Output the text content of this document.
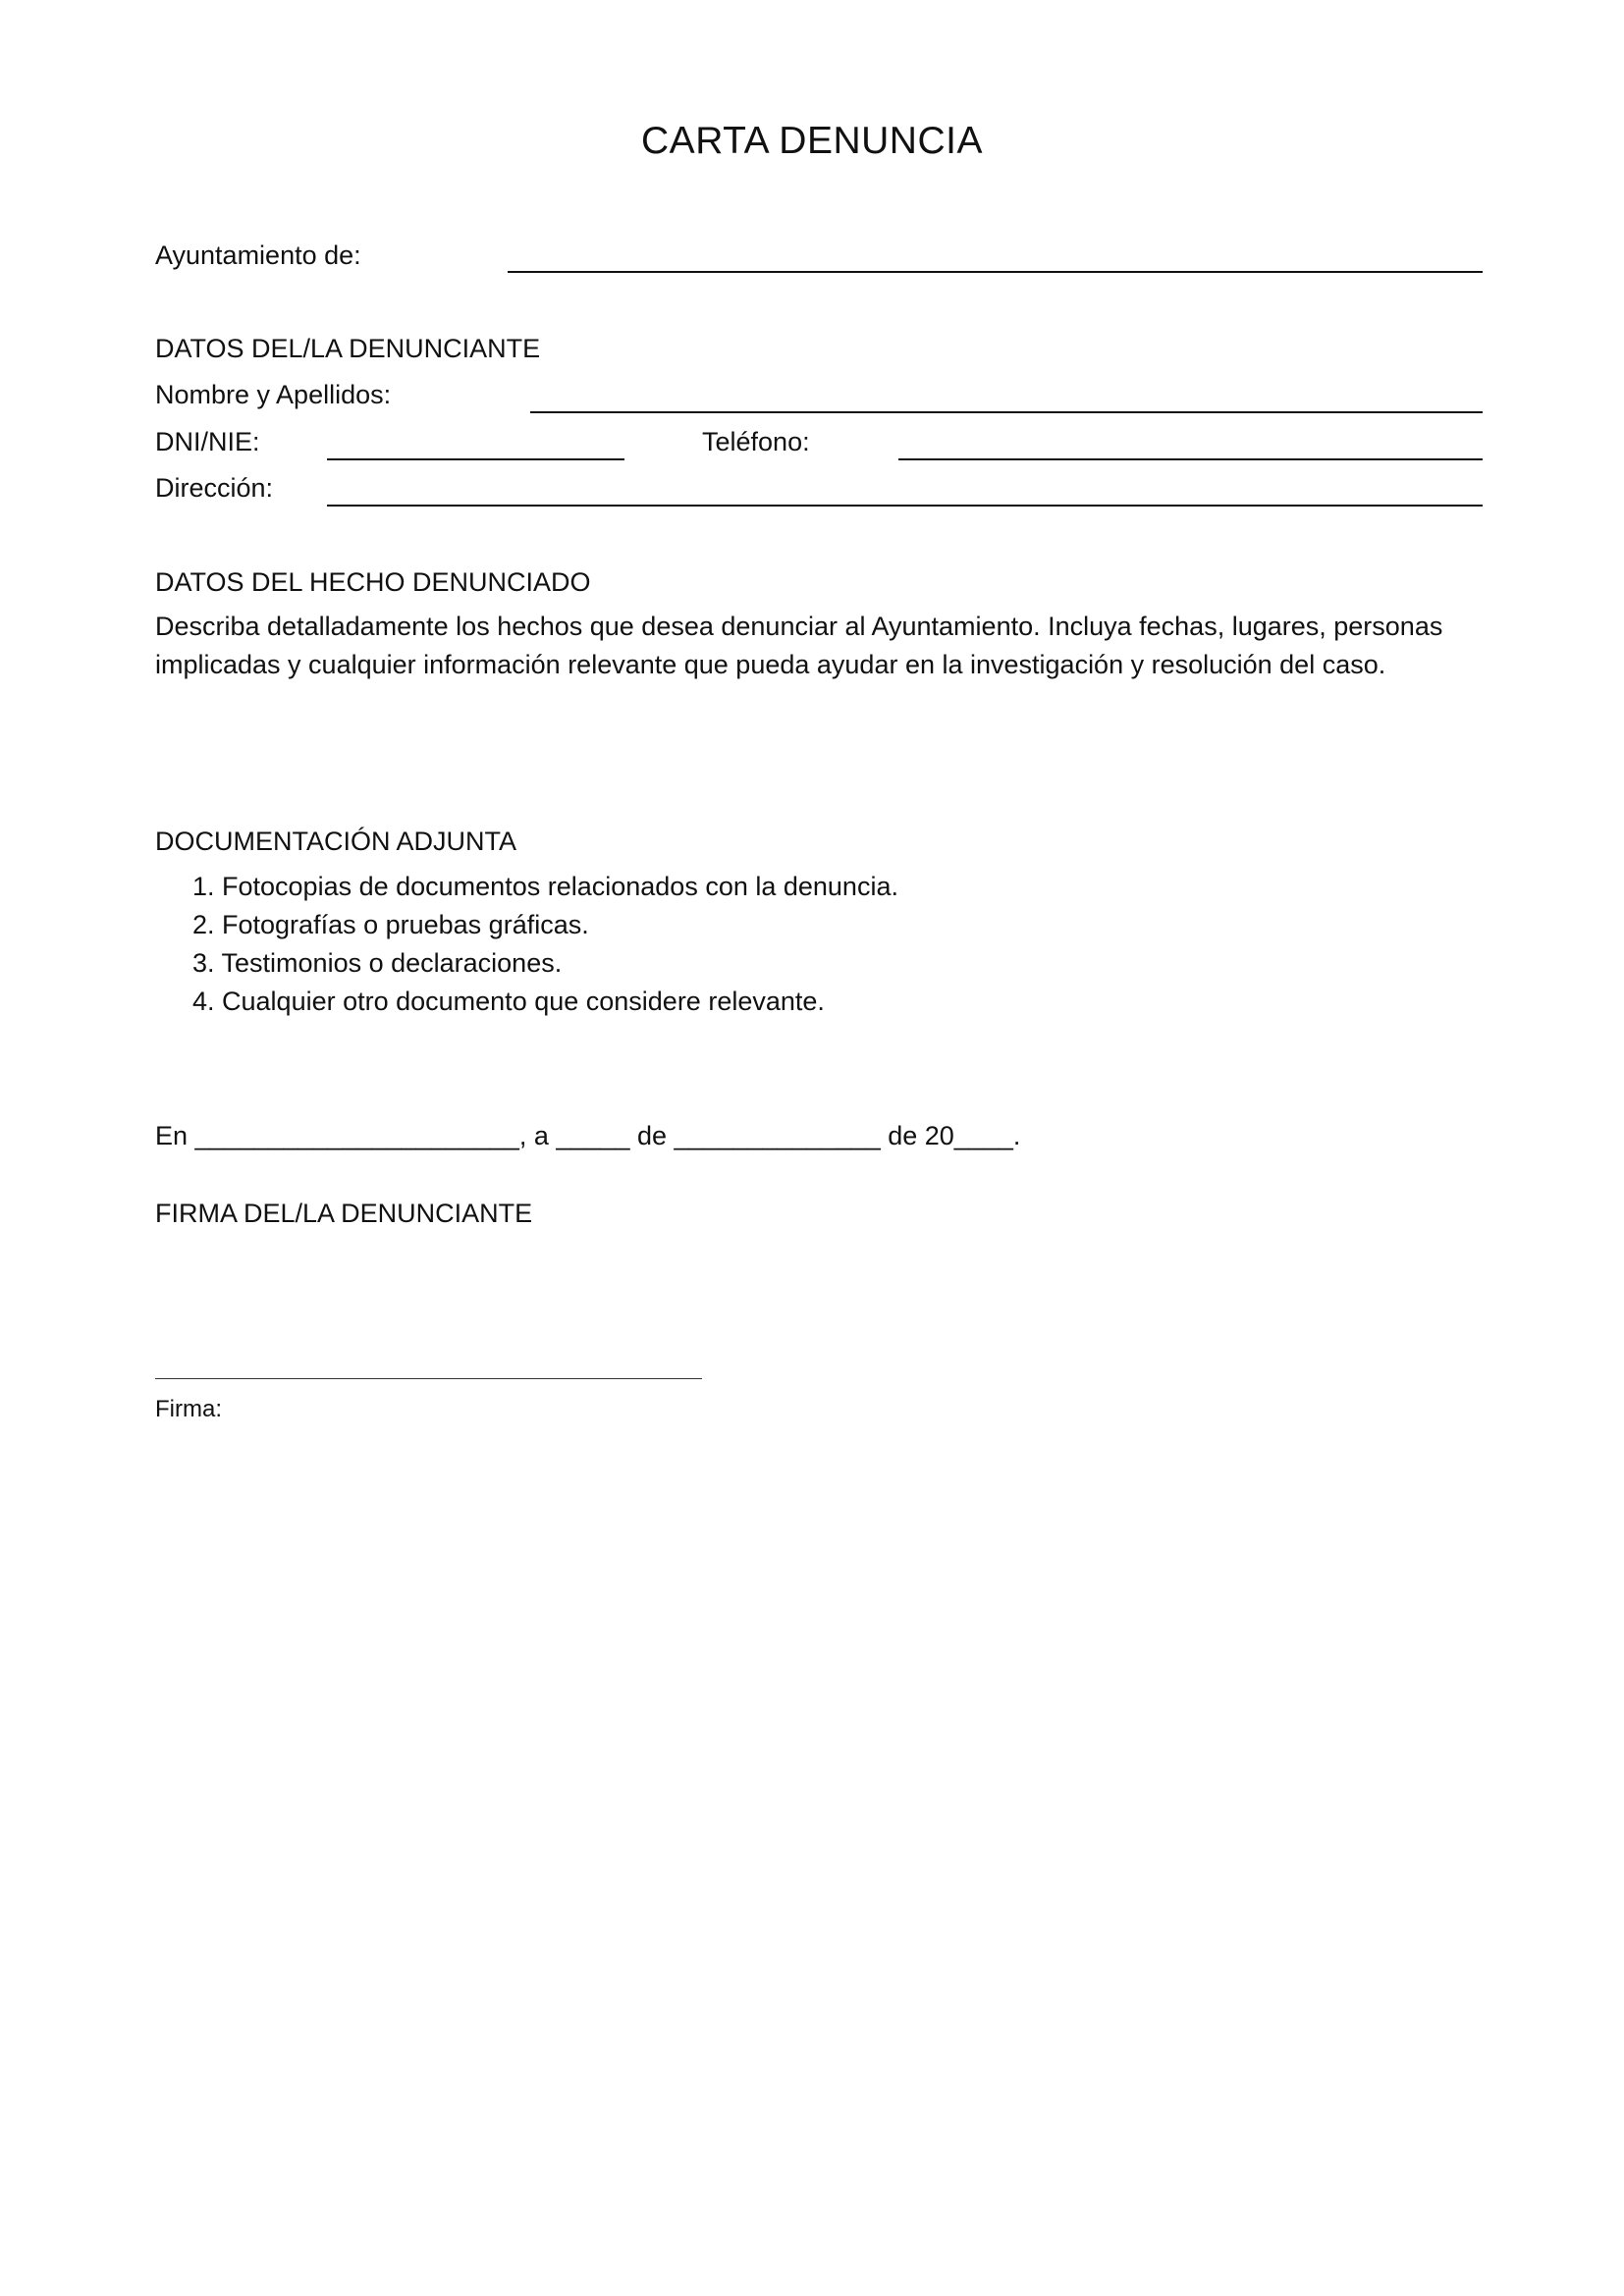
CARTA DENUNCIA
Ayuntamiento de:
DATOS DEL/LA DENUNCIANTE
Nombre y Apellidos:
DNI/NIE:	Teléfono:
Dirección:
DATOS DEL HECHO DENUNCIADO
Describa detalladamente los hechos que desea denunciar al Ayuntamiento. Incluya fechas, lugares, personas implicadas y cualquier información relevante que pueda ayudar en la investigación y resolución del caso.
DOCUMENTACIÓN ADJUNTA
1. Fotocopias de documentos relacionados con la denuncia.
2. Fotografías o pruebas gráficas.
3. Testimonios o declaraciones.
4. Cualquier otro documento que considere relevante.
En ______________________, a _____ de ______________ de 20____.
FIRMA DEL/LA DENUNCIANTE
Firma:
